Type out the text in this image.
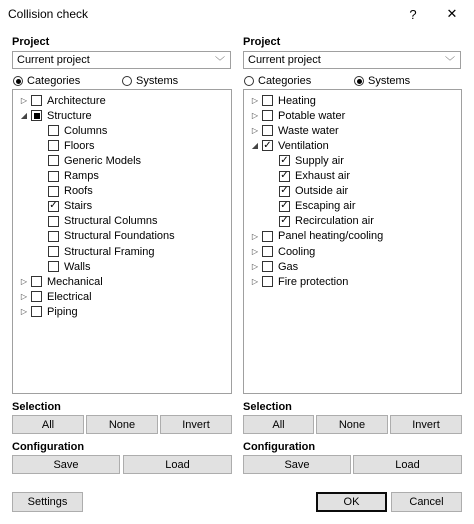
Collision check	? ✕
Project
Current project	﹀
Categories	Systems
▷ Architecture
◢ Structure
Columns
Floors
Generic Models
Ramps
Roofs
✓ Stairs
Structural Columns
Structural Foundations
Structural Framing
Walls
▷ Mechanical
▷ Electrical
▷ Piping
Selection
All	None	Invert
Configuration
Save	Load
Project
Current project	﹀
Categories	Systems
▷ Heating
▷ Potable water
▷ Waste water
◢ ✓ Ventilation
✓ Supply air
✓ Exhaust air
✓ Outside air
✓ Escaping air
✓ Recirculation air
▷ Panel heating/cooling
▷ Cooling
▷ Gas
▷ Fire protection
Selection
All	None	Invert
Configuration
Save	Load
Settings	OK	Cancel
